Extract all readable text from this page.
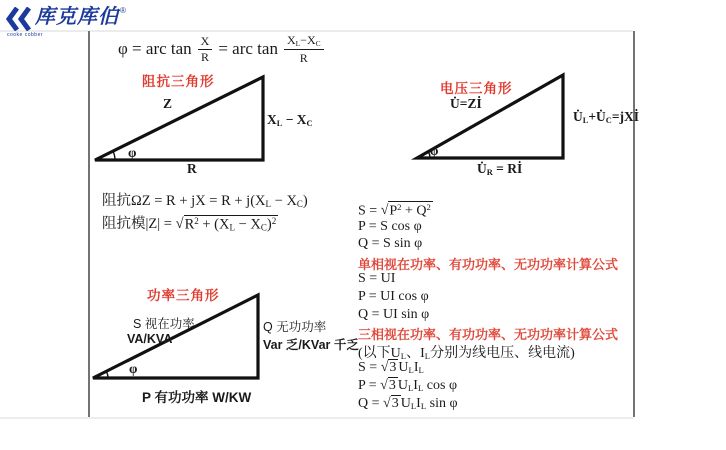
库克库伯 ®
cooke cobber
φ = arc $\tan \frac{X}{R}$ = arc $\tan \frac{X_L-X_C}{R}$
阻抗三角形
Z
$X_L - X_C$
R
φ
电压三角形
U̇=Zİ
$U̇_L+U̇_C=jXİ$
$U̇_R$ = Rİ
φ
阻抗ΩZ = R + jX = $R + j(X_L - X_C)$
阻抗模$|Z| = √R^2 + (X_L - X_C)^2$
功率三角形
S 视在功率
VA/KVA
Q 无功功率
Var 乏/KVar 千乏
φ
P 有功功率 W/KW
$S = √P^2 + Q^2$
P = S cos φ
Q = S sin φ
单相视在功率、有功功率、无功功率计算公式
S = UI
P = UI cos φ
Q = UI sin φ
三相视在功率、有功功率、无功功率计算公式
(以下$U_L$、$I_L$分别为线电压、线电流)
S = √3 $U_LI_L$
P = √3 $U_LI_L$ cos φ
Q = √3 $U_LI_L$ sin φ
